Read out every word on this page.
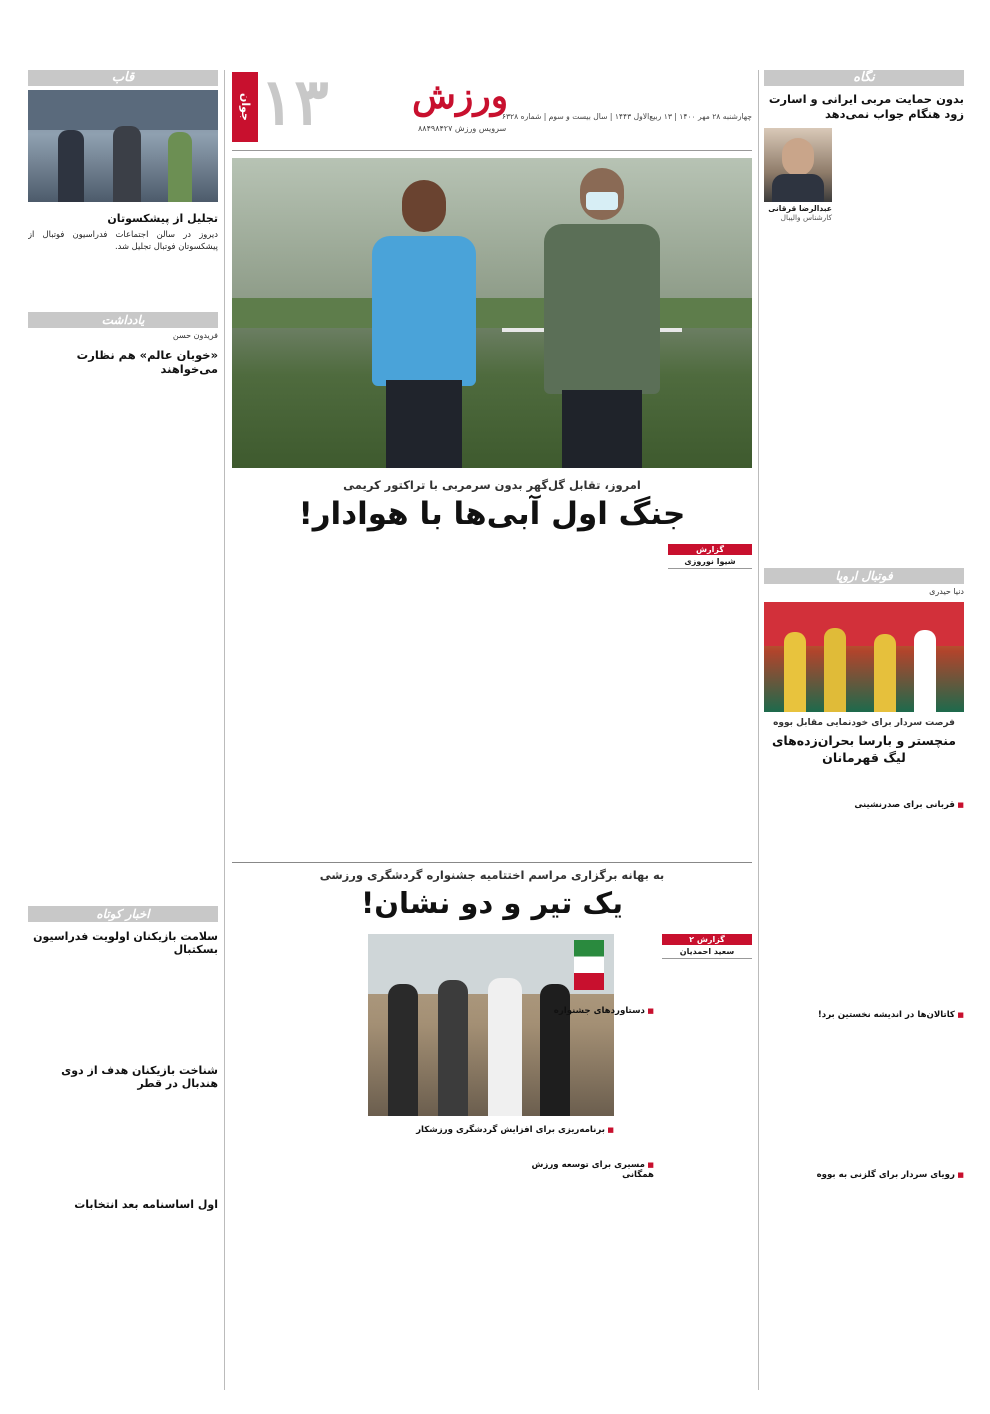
قاب
تجلیل از پیشکسوتان
دیروز در سالن اجتماعات فدراسیون فوتبال از پیشکسوتان فوتبال تجلیل شد.
یادداشت
فریدون حسن
«خوبان عالم» هم نظارت می‌خواهند
اخبار کوتاه
سلامت بازیکنان اولویت فدراسیون بسکتبال
شناخت بازیکنان هدف از دوی هندبال در قطر
اول اساسنامه بعد انتخابات
۱۳
جوان	ورزش
چهارشنبه ۲۸ مهر ۱۴۰۰ | ۱۳ ربیع‌الاول ۱۴۴۳ | سال بیست و سوم | شماره ۶۳۲۸
سرویس ورزش ۸۸۴۹۸۴۲۷
امروز، تقابل گل‌گهر بدون سرمربی با تراکتور کریمی
جنگ اول آبی‌ها با هوادار!
گزارش
شیوا نوروزی
به بهانه برگزاری مراسم اختتامیه جشنواره گردشگری ورزشی
یک تیر و دو نشان!
گزارش ۲
سعید احمدیان
■ دستاوردهای جشنواره
■ مسیری برای توسعه ورزش همگانی
■ برنامه‌ریزی برای افزایش گردشگری ورزشکار
نگاه
بدون حمایت مربی ایرانی و اسارت زود هنگام جواب نمی‌دهد
عبدالرضا قرقانی
کارشناس والیبال
فوتبال اروپا
دنیا حیدری
فرصت سردار برای خودنمایی مقابل بووه
منچستر و بارسا بحران‌زده‌های لیگ قهرمانان
■ قربانی برای صدرنشینی
■ کاتالان‌ها در اندیشه نخستین برد!
■ رویای سردار برای گلزنی به بووه
